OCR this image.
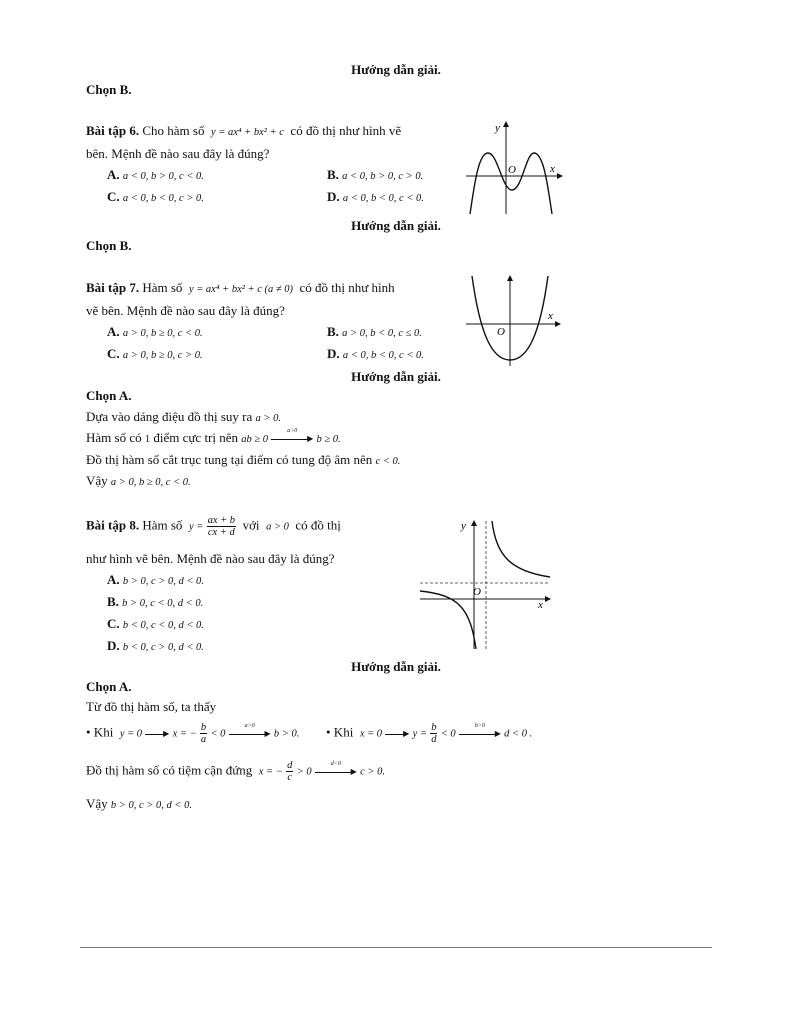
Hướng dẫn giải.
Chọn B.
Bài tập 6. Cho hàm số y = ax⁴ + bx² + c có đồ thị như hình vẽ
bên. Mệnh đề nào sau đây là đúng?
A. a < 0, b > 0, c < 0.	B. a < 0, b > 0, c > 0.
C. a < 0, b < 0, c > 0.	D. a < 0, b < 0, c < 0.
y
x
O
Hướng dẫn giải.
Chọn B.
Bài tập 7. Hàm số y = ax⁴ + bx² + c (a ≠ 0) có đồ thị như hình
vẽ bên. Mệnh đề nào sau đây là đúng?
A. a > 0, b ≥ 0, c < 0.	B. a > 0, b < 0, c ≤ 0.
C. a > 0, b ≥ 0, c > 0.	D. a < 0, b < 0, c < 0.
x
O
Hướng dẫn giải.
Chọn A.
Dựa vào dáng điệu đồ thị suy ra a > 0.
Hàm số có 1 điểm cực trị nên ab ≥ 0
a>0
▶ b ≥ 0.
Đồ thị hàm số cắt trục tung tại điểm có tung độ âm nên c < 0.
Vậy a > 0, b ≥ 0, c < 0.
Bài tập 8. Hàm số $y = \frac{ax + b}{cx + d}$ với a > 0 có đồ thị
như hình vẽ bên. Mệnh đề nào sau đây là đúng?
A. b > 0, c > 0, d < 0.
B. b > 0, c < 0, d < 0.
C. b < 0, c < 0, d < 0.
D. b < 0, c > 0, d < 0.
y
x
O
Hướng dẫn giải.
Chọn A.
Từ đồ thị hàm số, ta thấy
• Khi y = 0	▶ x = − $\frac{b}{a} < 0$
a>0
▶ b > 0. • Khi x = 0	▶ $y = \frac{b}{d} < 0$
b>0
▶ d < 0 .
Đồ thị hàm số có tiệm cận đứng x = − $\frac{d}{c} > 0$
d<0
▶ c > 0.
Vậy b > 0, c > 0, d < 0.
